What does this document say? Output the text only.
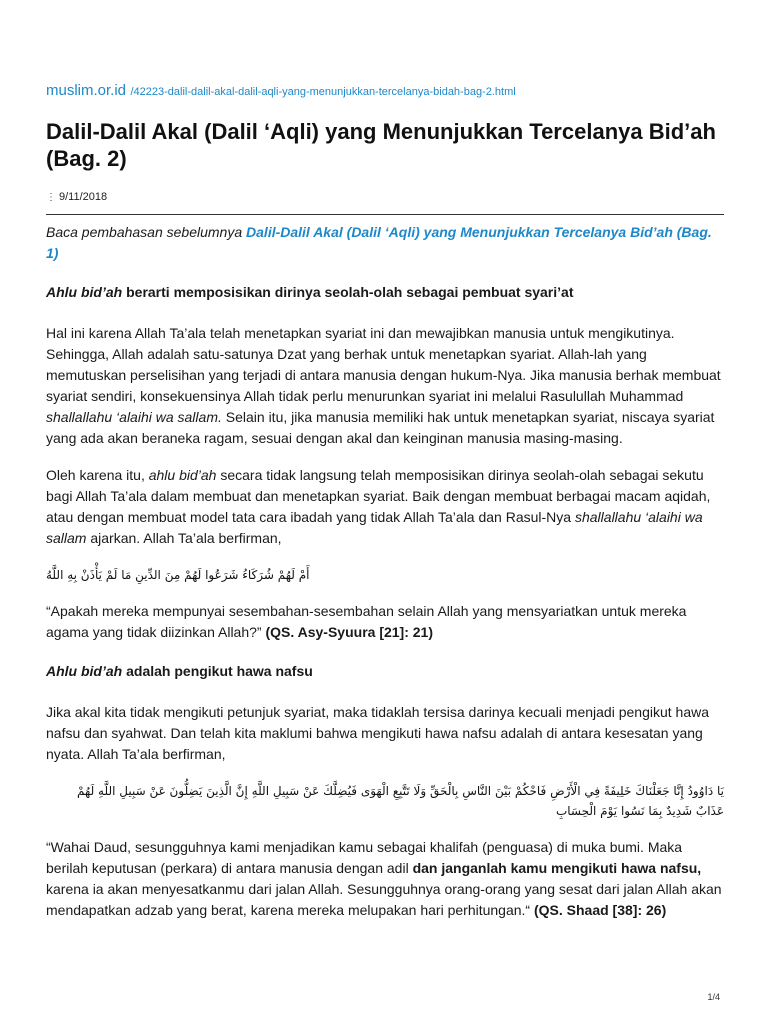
muslim.or.id /42223-dalil-dalil-akal-dalil-aqli-yang-menunjukkan-tercelanya-bidah-bag-2.html
Dalil-Dalil Akal (Dalil ‘Aqli) yang Menunjukkan Tercelanya Bid’ah (Bag. 2)
⋮ 9/11/2018

Baca pembahasan sebelumnya Dalil-Dalil Akal (Dalil ‘Aqli) yang Menunjukkan Tercelanya Bid’ah (Bag. 1)

Ahlu bid’ah berarti memposisikan dirinya seolah-olah sebagai pembuat syari’at

Hal ini karena Allah Ta’ala telah menetapkan syariat ini dan mewajibkan manusia untuk mengikutinya. Sehingga, Allah adalah satu-satunya Dzat yang berhak untuk menetapkan syariat. Allah-lah yang memutuskan perselisihan yang terjadi di antara manusia dengan hukum-Nya. Jika manusia berhak membuat syariat sendiri, konsekuensinya Allah tidak perlu menurunkan syariat ini melalui Rasulullah Muhammad shallallahu ‘alaihi wa sallam. Selain itu, jika manusia memiliki hak untuk menetapkan syariat, niscaya syariat yang ada akan beraneka ragam, sesuai dengan akal dan keinginan manusia masing-masing.

Oleh karena itu, ahlu bid’ah secara tidak langsung telah memposisikan dirinya seolah-olah sebagai sekutu bagi Allah Ta’ala dalam membuat dan menetapkan syariat. Baik dengan membuat berbagai macam aqidah, atau dengan membuat model tata cara ibadah yang tidak Allah Ta’ala dan Rasul-Nya shallallahu ‘alaihi wa sallam ajarkan. Allah Ta’ala berfirman,

أَمْ لَهُمْ شُرَكَاءُ شَرَعُوا لَهُمْ مِنَ الدِّينِ مَا لَمْ يَأْذَنْ بِهِ اللَّهُ

“Apakah mereka mempunyai sesembahan-sesembahan selain Allah yang mensyariatkan untuk mereka agama yang tidak diizinkan Allah?” (QS. Asy-Syuura [21]: 21)

Ahlu bid’ah adalah pengikut hawa nafsu

Jika akal kita tidak mengikuti petunjuk syariat, maka tidaklah tersisa darinya kecuali menjadi pengikut hawa nafsu dan syahwat. Dan telah kita maklumi bahwa mengikuti hawa nafsu adalah di antara kesesatan yang nyata. Allah Ta’ala berfirman,

يَا دَاوُودُ إِنَّا جَعَلْنَاكَ خَلِيفَةً فِي الْأَرْضِ فَاحْكُمْ بَيْنَ النَّاسِ بِالْحَقِّ وَلَا تَتَّبِعِ الْهَوَى فَيُضِلَّكَ عَنْ سَبِيلِ اللَّهِ إِنَّ الَّذِينَ يَضِلُّونَ عَنْ سَبِيلِ اللَّهِ لَهُمْ عَذَابٌ شَدِيدٌ بِمَا نَسُوا يَوْمَ الْحِسَابِ

“Wahai Daud, sesungguhnya kami menjadikan kamu sebagai khalifah (penguasa) di muka bumi. Maka berilah keputusan (perkara) di antara manusia dengan adil dan janganlah kamu mengikuti hawa nafsu, karena ia akan menyesatkanmu dari jalan Allah. Sesungguhnya orang-orang yang sesat dari jalan Allah akan mendapatkan adzab yang berat, karena mereka melupakan hari perhitungan.“ (QS. Shaad [38]: 26)

1/4
